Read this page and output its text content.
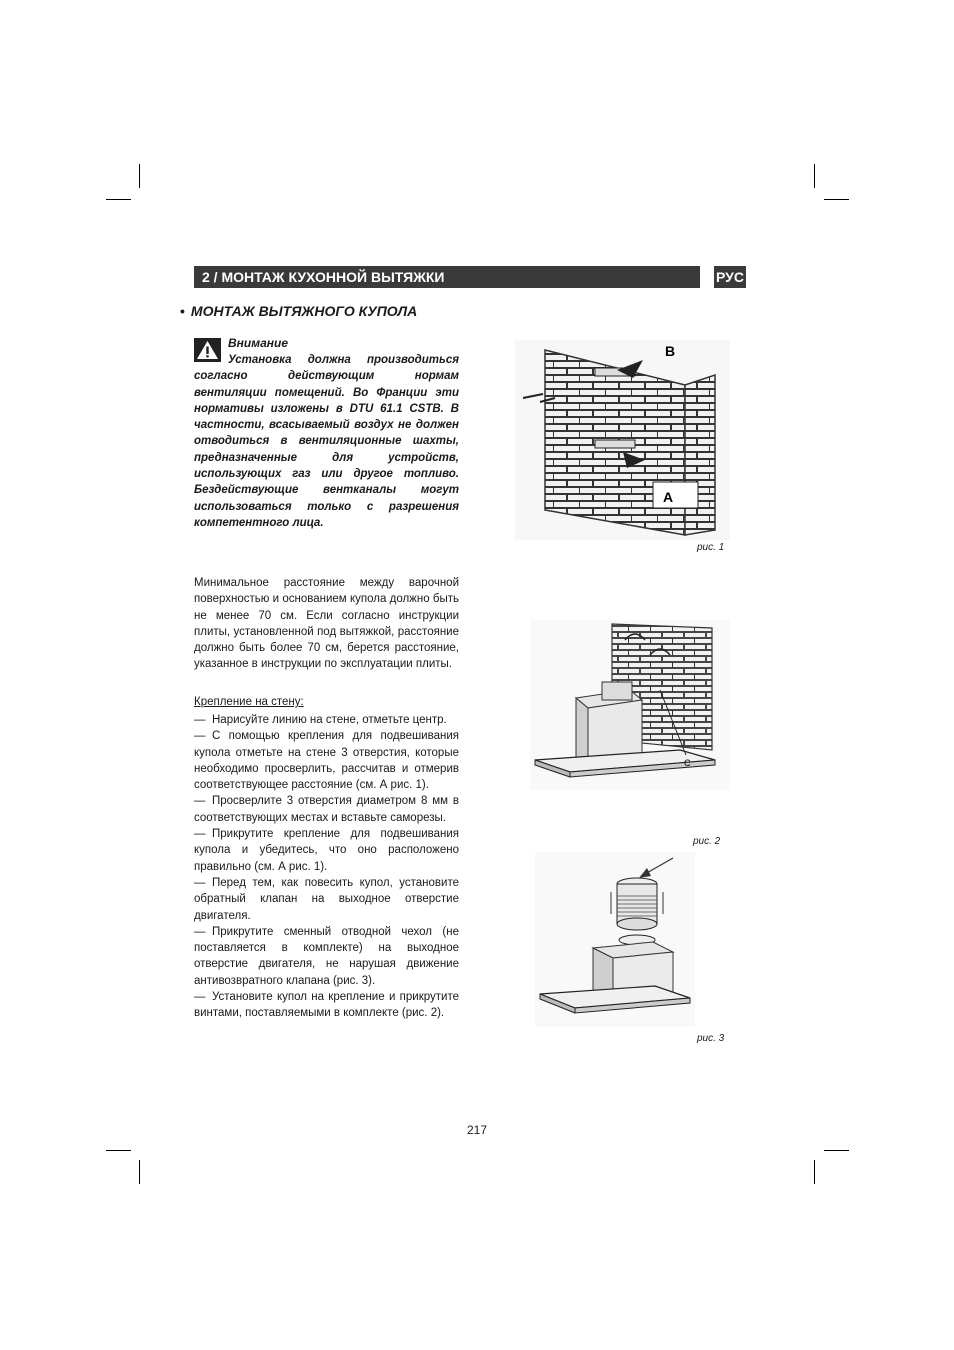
2 / МОНТАЖ КУХОННОЙ ВЫТЯЖКИ	РУС
• МОНТАЖ ВЫТЯЖНОГО КУПОЛА
Внимание

Установка должна производиться согласно действующим нормам вентиляции помещений. Во Франции эти нормативы изложены в DTU 61.1 CSTB. В частности, всасываемый воздух не должен отводиться в вентиляционные шахты, предназначенные для устройств, использующих газ или другое топливо. Бездействующие вентканалы могут использоваться только с разрешения компетентного лица.

Минимальное расстояние между варочной поверхностью и основанием купола должно быть не менее 70 см. Если согласно инструкции плиты, установленной под вытяжкой, расстояние должно быть более 70 см, берется расстояние, указанное в инструкции по эксплуатации плиты.

Крепление на стену:
— Нарисуйте линию на стене, отметьте центр.
— С помощью крепления для подвешивания купола отметьте на стене 3 отверстия, которые необходимо просверлить, рассчитав и отмерив соответствующее расстояние (см. А рис. 1).
— Просверлите 3 отверстия диаметром 8 мм в соответствующих местах и вставьте саморезы.
— Прикрутите крепление для подвешивания купола и убедитесь, что оно расположено правильно (см. А рис. 1).
— Перед тем, как повесить купол, установите обратный клапан на выходное отверстие двигателя.
— Прикрутите сменный отводной чехол (не поставляется в комплекте) на выходное отверстие двигателя, не нарушая движение антивозвратного клапана (рис. 3).
— Установите купол на крепление и прикрутите винтами, поставляемыми в комплекте (рис. 2).
A
B
рис. 1
C
рис. 2
рис. 3
217
